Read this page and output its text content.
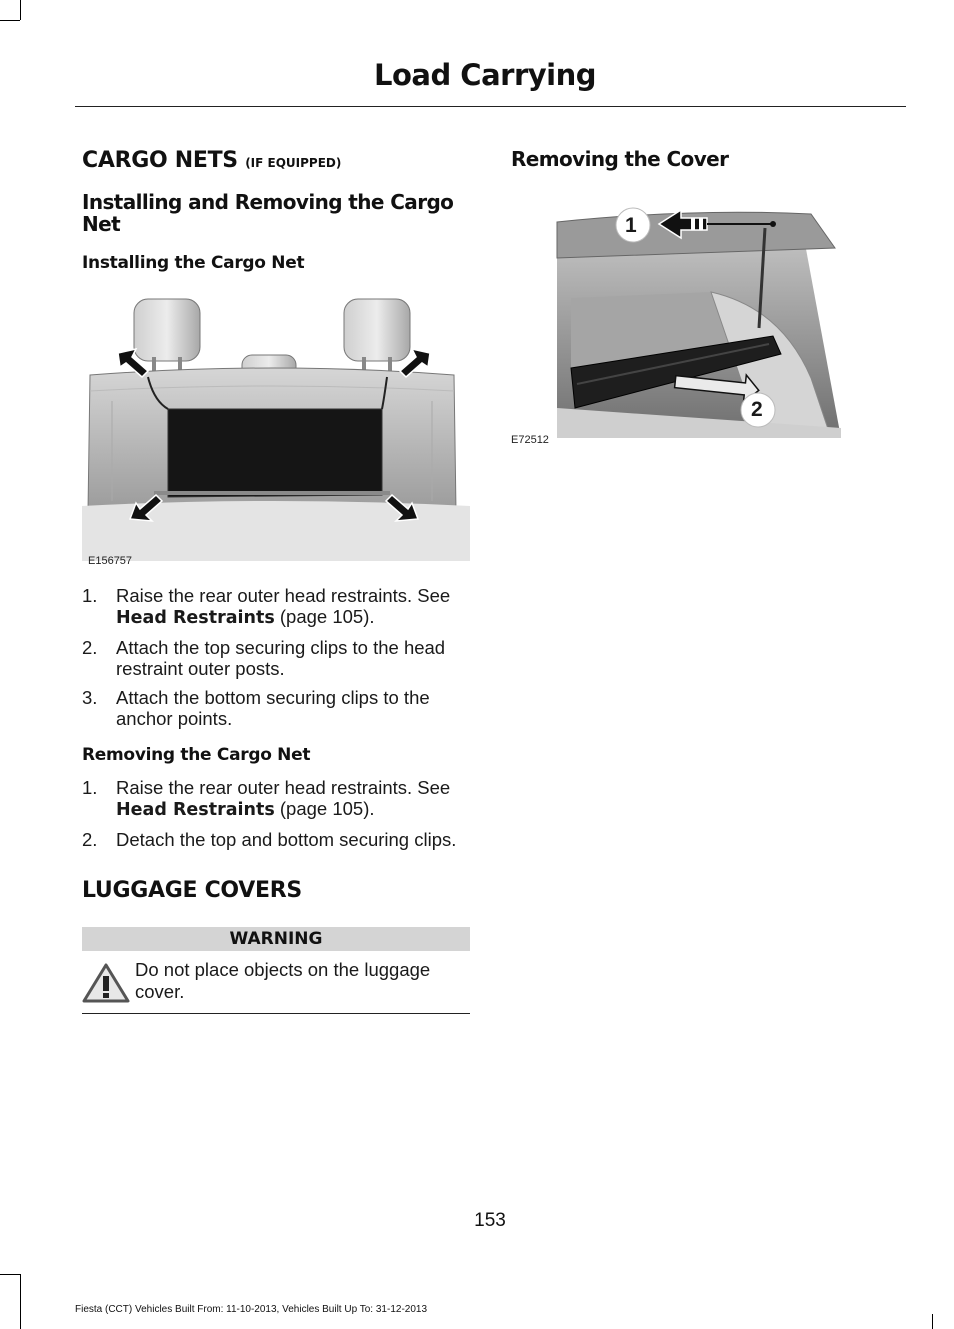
Load Carrying
CARGO NETS (IF EQUIPPED)
Installing and Removing the Cargo Net
Installing the Cargo Net
E156757
1. Raise the rear outer head restraints. See Head Restraints (page 105).
2. Attach the top securing clips to the head restraint outer posts.
3. Attach the bottom securing clips to the anchor points.
Removing the Cargo Net
1. Raise the rear outer head restraints. See Head Restraints (page 105).
2. Detach the top and bottom securing clips.
LUGGAGE COVERS
WARNING
Do not place objects on the luggage cover.
Removing the Cover
1
2
E72512
153
Fiesta (CCT) Vehicles Built From: 11-10-2013, Vehicles Built Up To: 31-12-2013
